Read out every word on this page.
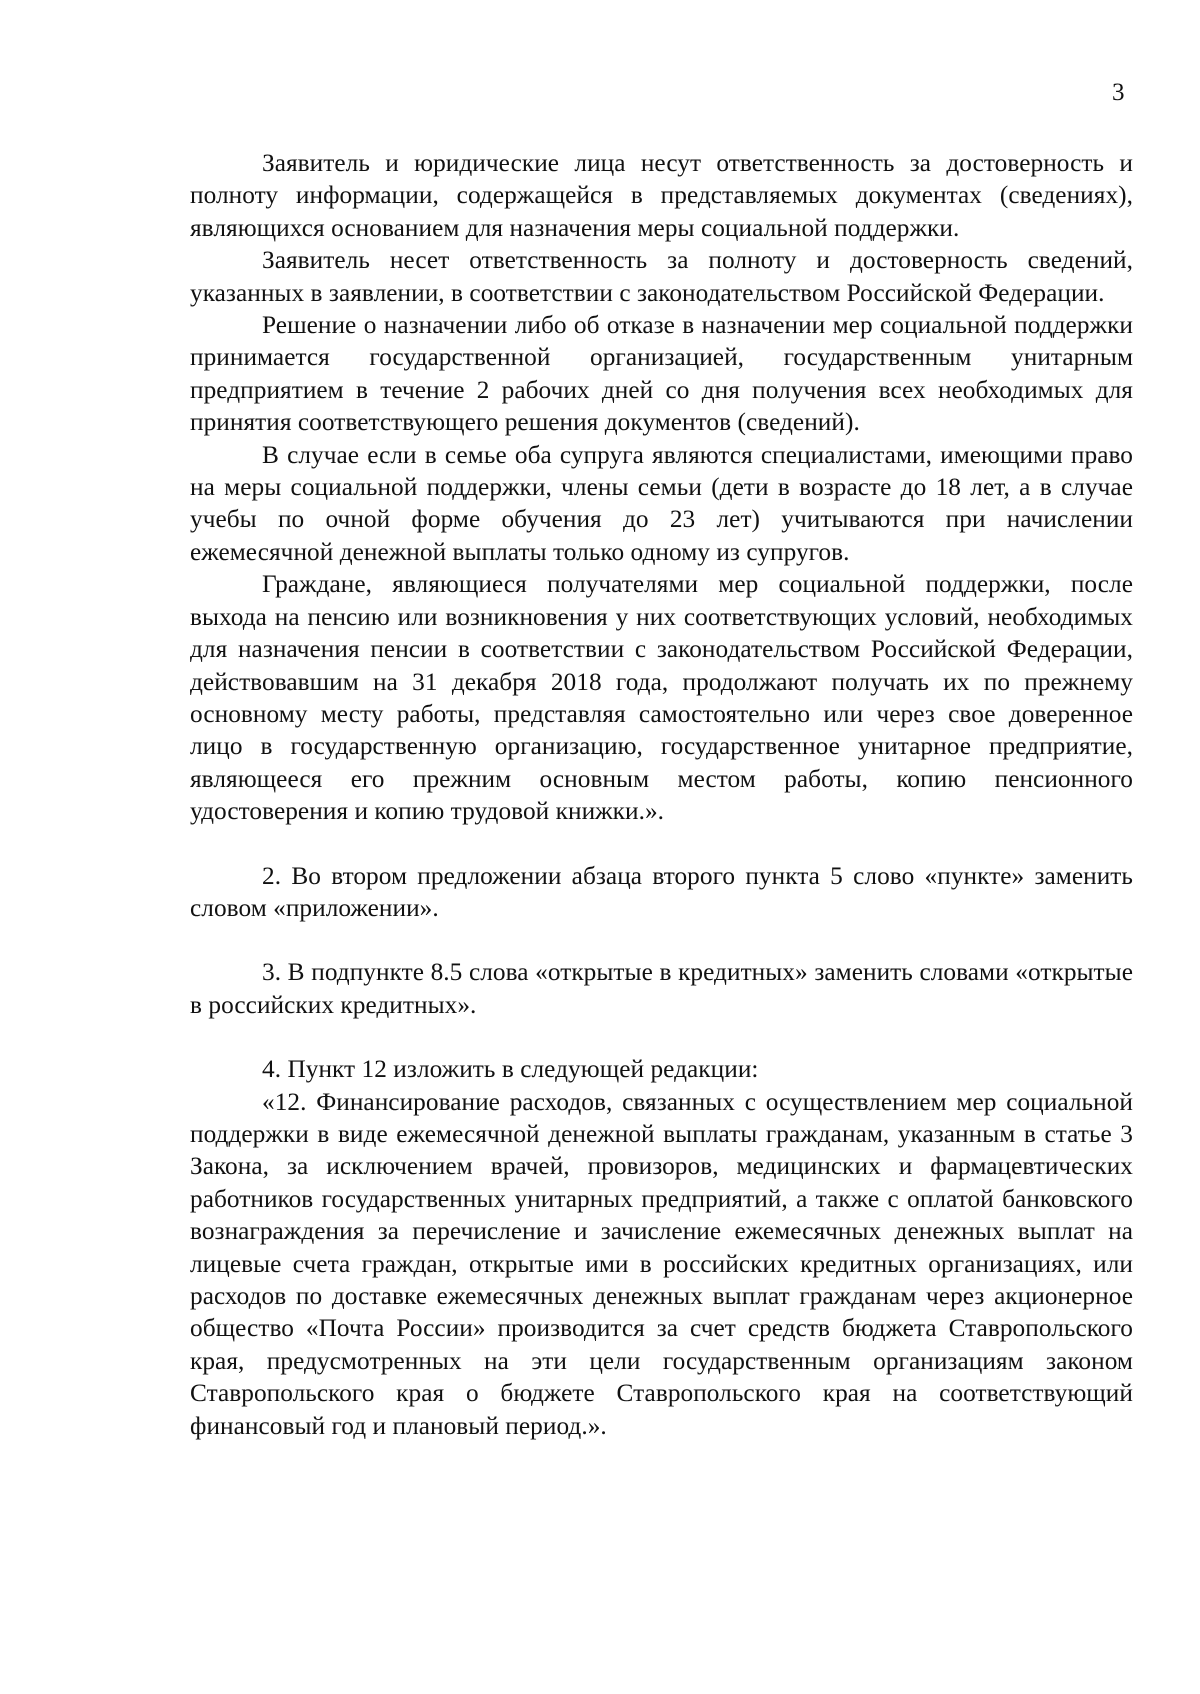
3

Заявитель и юридические лица несут ответственность за достоверность и полноту информации, содержащейся в представляемых документах (сведениях), являющихся основанием для назначения меры социальной поддержки.

Заявитель несет ответственность за полноту и достоверность сведений, указанных в заявлении, в соответствии с законодательством Российской Федерации.

Решение о назначении либо об отказе в назначении мер социальной поддержки принимается государственной организацией, государственным унитарным предприятием в течение 2 рабочих дней со дня получения всех необходимых для принятия соответствующего решения документов (сведений).

В случае если в семье оба супруга являются специалистами, имеющими право на меры социальной поддержки, члены семьи (дети в возрасте до 18 лет, а в случае учебы по очной форме обучения до 23 лет) учитываются при начислении ежемесячной денежной выплаты только одному из супругов.

Граждане, являющиеся получателями мер социальной поддержки, после выхода на пенсию или возникновения у них соответствующих условий, необходимых для назначения пенсии в соответствии с законодательством Российской Федерации, действовавшим на 31 декабря 2018 года, продолжают получать их по прежнему основному месту работы, представляя самостоятельно или через свое доверенное лицо в государственную организацию, государственное унитарное предприятие, являющееся его прежним основным местом работы, копию пенсионного удостоверения и копию трудовой книжки.».

2. Во втором предложении абзаца второго пункта 5 слово «пункте» заменить словом «приложении».

3. В подпункте 8.5 слова «открытые в кредитных» заменить словами «открытые в российских кредитных».

4. Пункт 12 изложить в следующей редакции:

«12. Финансирование расходов, связанных с осуществлением мер социальной поддержки в виде ежемесячной денежной выплаты гражданам, указанным в статье 3 Закона, за исключением врачей, провизоров, медицинских и фармацевтических работников государственных унитарных предприятий, а также с оплатой банковского вознаграждения за перечисление и зачисление ежемесячных денежных выплат на лицевые счета граждан, открытые ими в российских кредитных организациях, или расходов по доставке ежемесячных денежных выплат гражданам через акционерное общество «Почта России» производится за счет средств бюджета Ставропольского края, предусмотренных на эти цели государственным организациям законом Ставропольского края о бюджете Ставропольского края на соответствующий финансовый год и плановый период.».
